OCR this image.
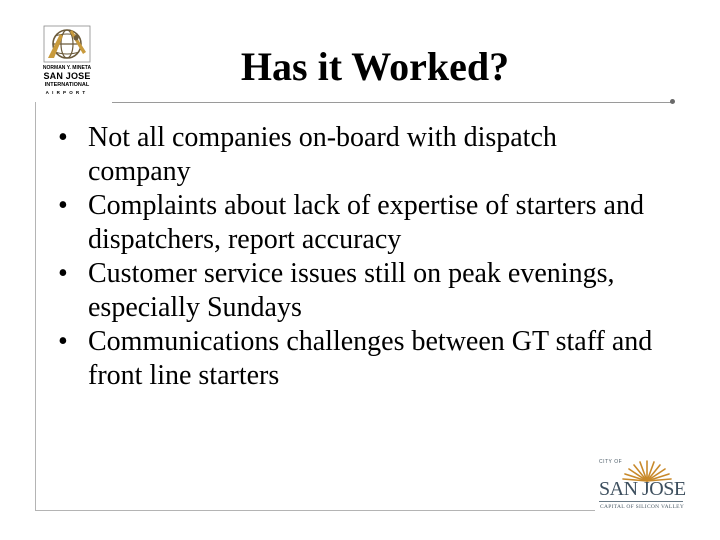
NORMAN Y. MINETA
SAN JOSE
INTERNATIONAL
AIRPORT
Has it Worked?
• Not all companies on-board with dispatch company
• Complaints about lack of expertise of starters and dispatchers, report accuracy
• Customer service issues still on peak evenings, especially Sundays
• Communications challenges between GT staff and front line starters
CITY OF
SAN JOSE
CAPITAL OF SILICON VALLEY
